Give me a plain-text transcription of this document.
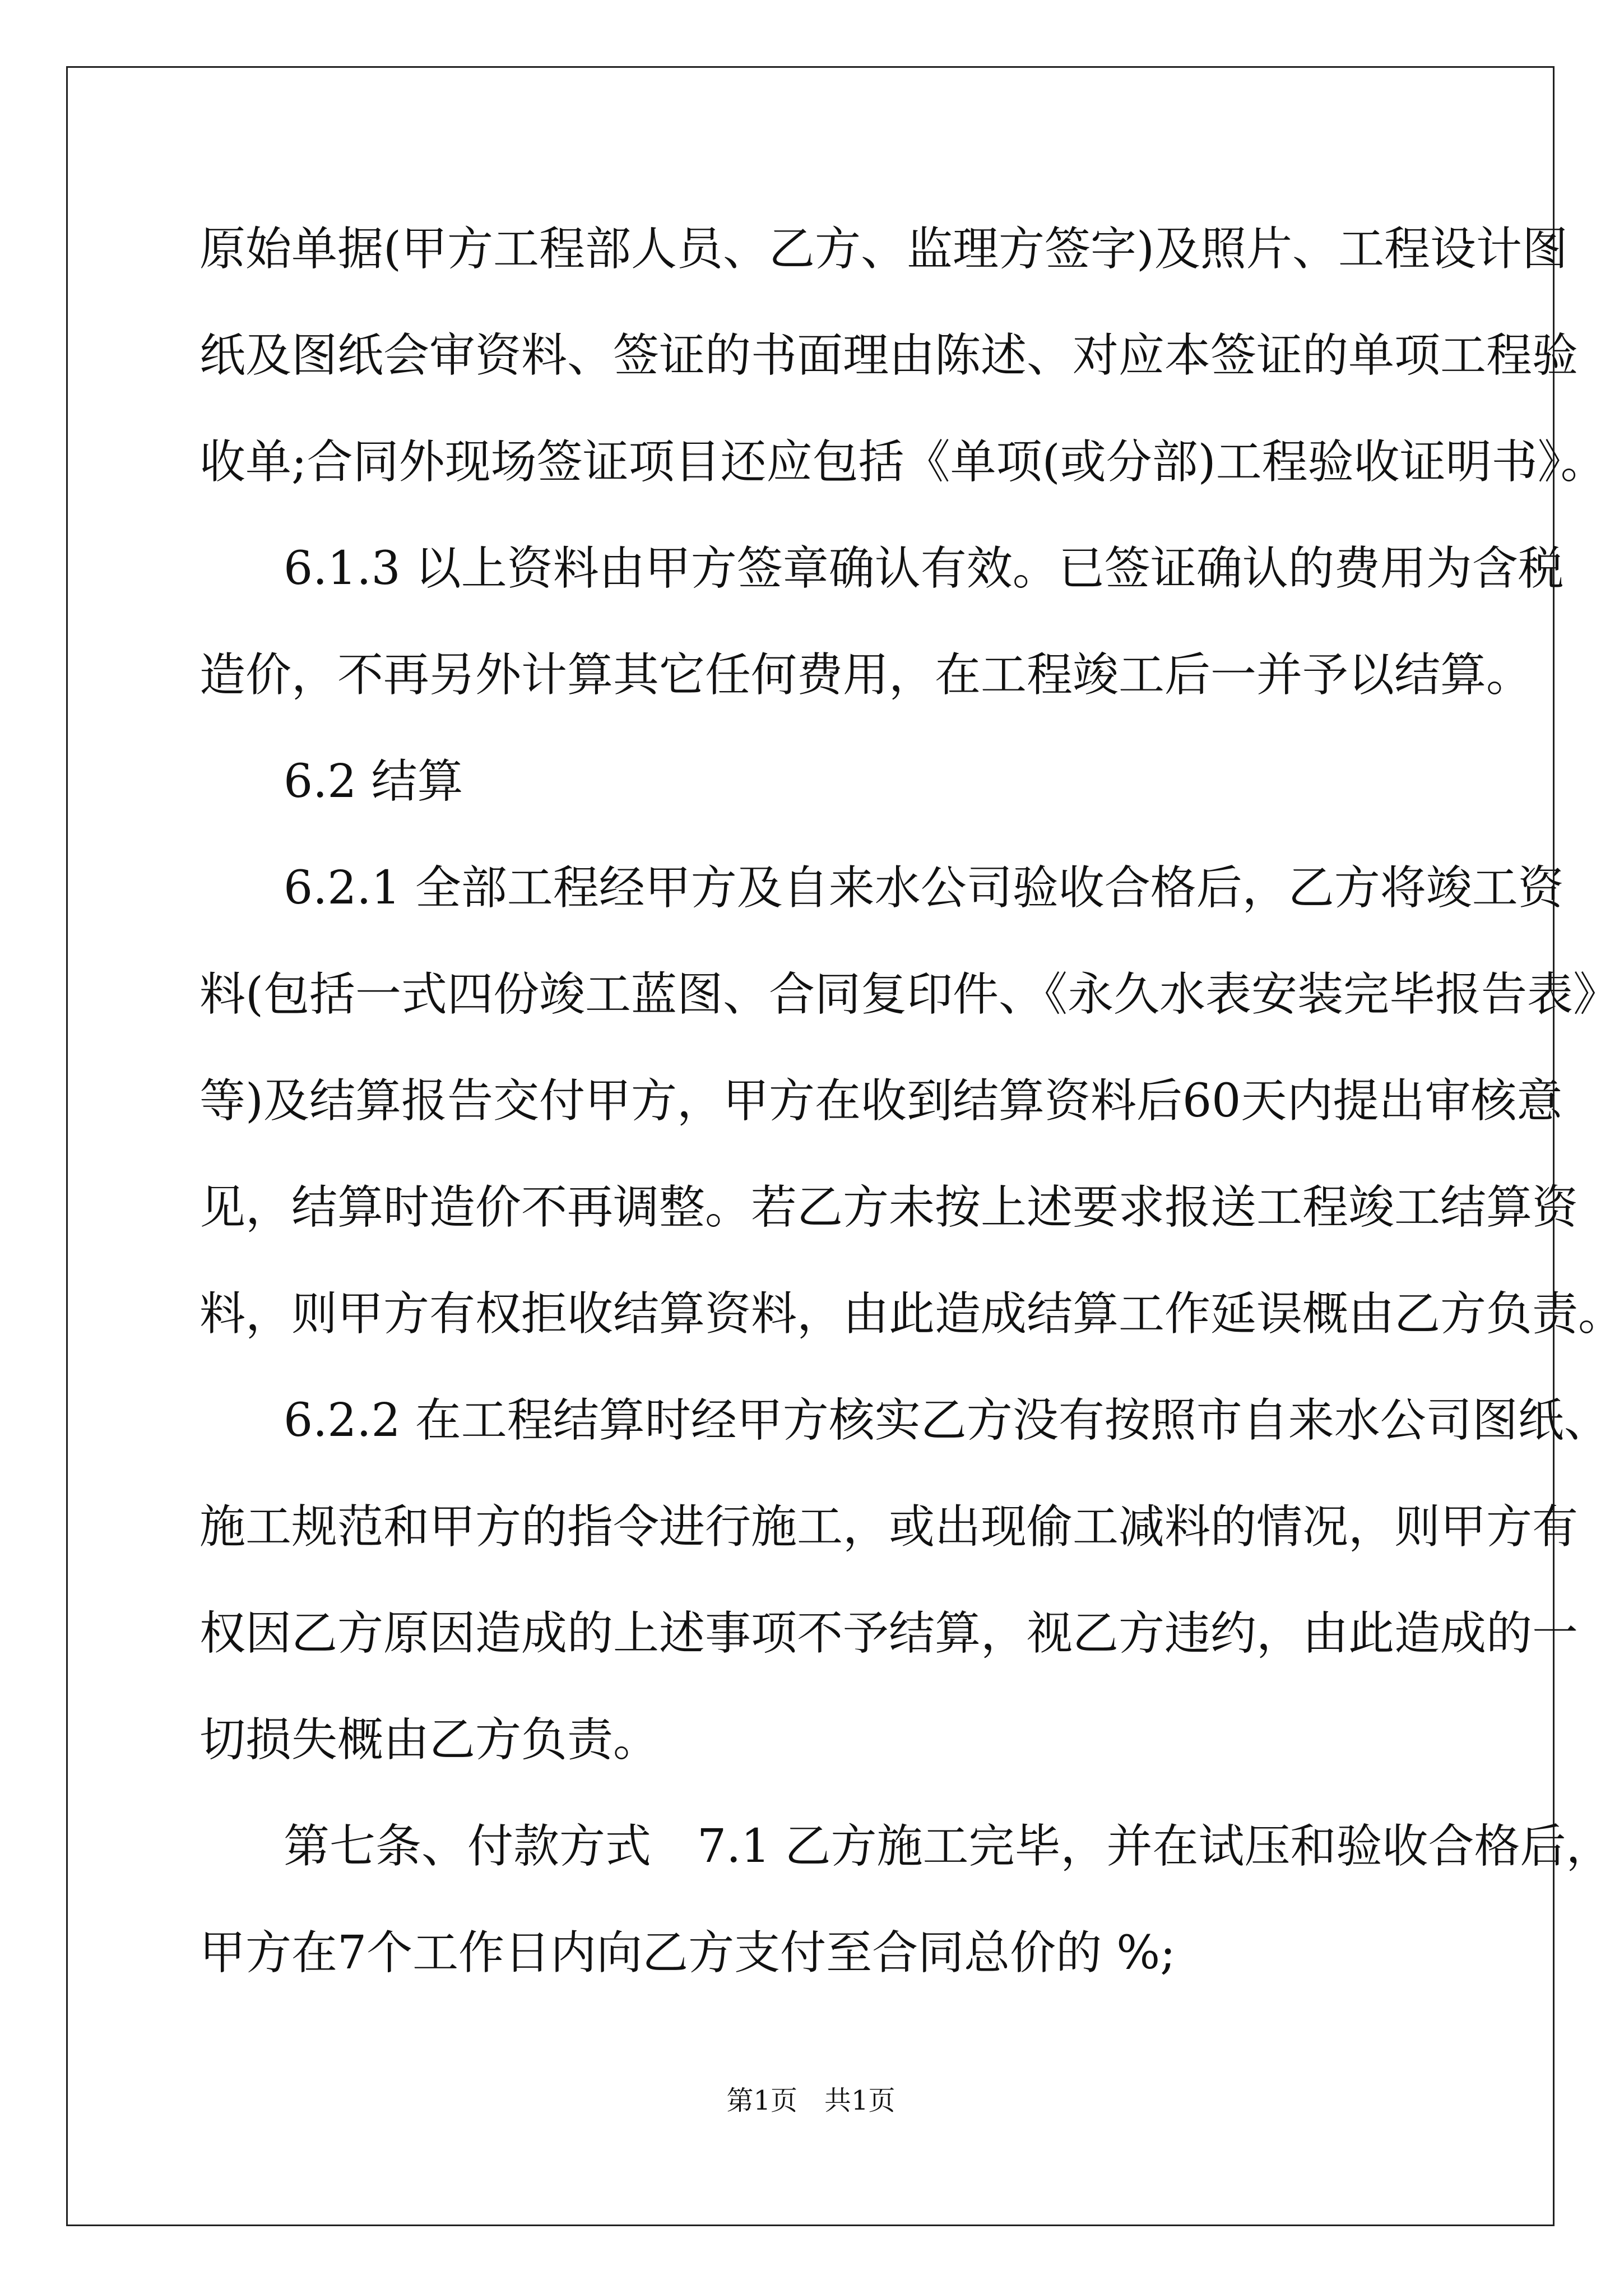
原始单据(甲方工程部人员、乙方、监理方签字)及照片、工程设计图
纸及图纸会审资料、签证的书面理由陈述、对应本签证的单项工程验
收单;合同外现场签证项目还应包括《单项(或分部)工程验收证明书》。
6.1.3 以上资料由甲方签章确认有效。已签证确认的费用为含税
造价，不再另外计算其它任何费用，在工程竣工后一并予以结算。
6.2 结算
6.2.1 全部工程经甲方及自来水公司验收合格后，乙方将竣工资
料(包括一式四份竣工蓝图、合同复印件、《永久水表安装完毕报告表》
等)及结算报告交付甲方，甲方在收到结算资料后60天内提出审核意
见，结算时造价不再调整。若乙方未按上述要求报送工程竣工结算资
料，则甲方有权拒收结算资料，由此造成结算工作延误概由乙方负责。
6.2.2 在工程结算时经甲方核实乙方没有按照市自来水公司图纸、
施工规范和甲方的指令进行施工，或出现偷工减料的情况，则甲方有
权因乙方原因造成的上述事项不予结算，视乙方违约，由此造成的一
切损失概由乙方负责。
第七条、付款方式　7.1 乙方施工完毕，并在试压和验收合格后，
甲方在7个工作日内向乙方支付至合同总价的 %;
第1页　共1页
